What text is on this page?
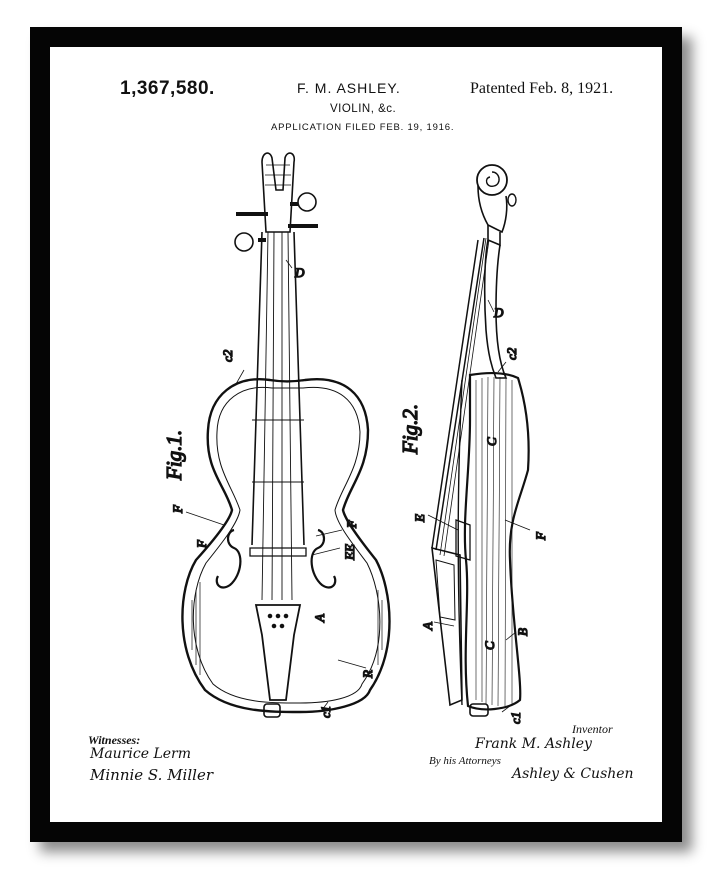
1,367,580.	F. M. ASHLEY.	Patented Feb. 8, 1921.
VIOLIN, &c.
APPLICATION FILED FEB. 19, 1916.
Fig.1.
D
c2
F
F
F
EE
A
R
c1
Fig.2.
D
c2
C
E
F
A
C
B
c1
Witnesses:
Maurice Lerm
Minnie S. Miller
Inventor
Frank M. Ashley
By his Attorneys
Ashley & Cushen
